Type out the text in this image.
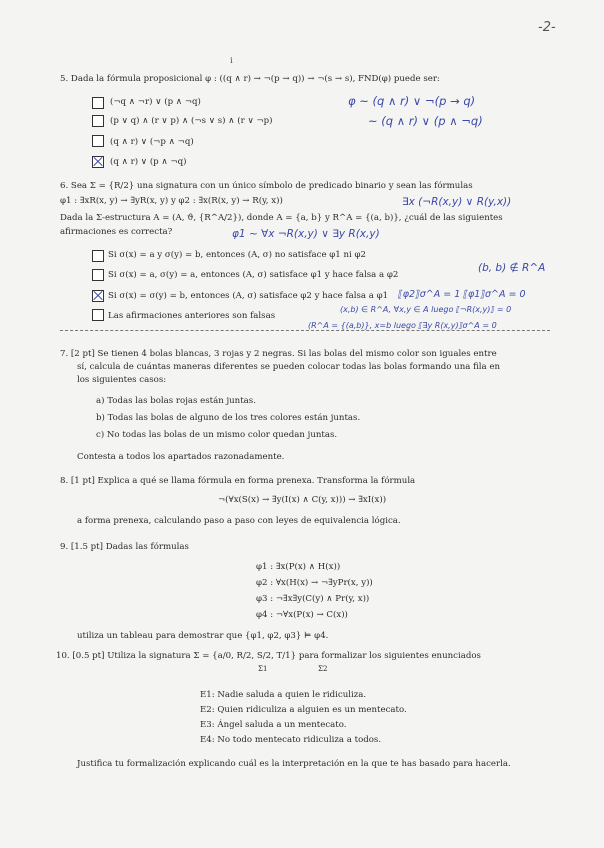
-2-
i
5. Dada la fórmula proposicional φ : ((q ∧ r) → ¬(p → q)) → ¬(s → s), FND(φ) puede ser:
(¬q ∧ ¬r) ∨ (p ∧ ¬q)
(p ∨ q) ∧ (r ∨ p) ∧ (¬s ∨ s) ∧ (r ∨ ¬p)
(q ∧ r) ∨ (¬p ∧ ¬q)
(q ∧ r) ∨ (p ∧ ¬q)
φ ~ (q ∧ r) ∨ ¬(p → q)
~ (q ∧ r) ∨ (p ∧ ¬q)
6. Sea Σ = {R/2} una signatura con un único símbolo de predicado binario y sean las fórmulas
φ1 : ∃xR(x, y) → ∃yR(x, y) y φ2 : ∃x(R(x, y) → R(y, x))
Dada la Σ-estructura A = (A, ϑ, {R^A/2}), donde A = {a, b} y R^A = {(a, b)}, ¿cuál de las siguientes
afirmaciones es correcta?
∃x (¬R(x,y) ∨ R(y,x))
φ1 ~ ∀x ¬R(x,y) ∨ ∃y R(x,y)
Si σ(x) = a y σ(y) = b, entonces (A, σ) no satisface φ1 ni φ2
Si σ(x) = a, σ(y) = a, entonces (A, σ) satisface φ1 y hace falsa a φ2
Si σ(x) = σ(y) = b, entonces (A, σ) satisface φ2 y hace falsa a φ1
Las afirmaciones anteriores son falsas
(b, b) ∉ R^A
⟦φ2⟧σ^A = 1 ⟦φ1⟧σ^A = 0
(x,b) ∈ R^A, ∀x,y ∈ A luego ⟦¬R(x,y)⟧ = 0
(R^A = {(a,b)}, x=b luego ⟦∃y R(x,y)⟧σ^A = 0
7. [2 pt] Se tienen 4 bolas blancas, 3 rojas y 2 negras. Si las bolas del mismo color son iguales entre
sí, calcula de cuántas maneras diferentes se pueden colocar todas las bolas formando una fila en
los siguientes casos:
a) Todas las bolas rojas están juntas.
b) Todas las bolas de alguno de los tres colores están juntas.
c) No todas las bolas de un mismo color quedan juntas.
Contesta a todos los apartados razonadamente.
8. [1 pt] Explica a qué se llama fórmula en forma prenexa. Transforma la fórmula
¬(∀x(S(x) → ∃y(I(x) ∧ C(y, x))) → ∃xI(x))
a forma prenexa, calculando paso a paso con leyes de equivalencia lógica.
9. [1.5 pt] Dadas las fórmulas
φ1 : ∃x(P(x) ∧ H(x))
φ2 : ∀x(H(x) → ¬∃yPr(x, y))
φ3 : ¬∃x∃y(C(y) ∧ Pr(y, x))
φ4 : ¬∀x(P(x) → C(x))
utiliza un tableau para demostrar que {φ1, φ2, φ3} ⊨ φ4.
10. [0.5 pt] Utiliza la signatura Σ = {a/0, R/2, S/2, T/1} para formalizar los siguientes enunciados
Σ1	Σ2
E1: Nadie saluda a quien le ridiculiza.
E2: Quien ridiculiza a alguien es un mentecato.
E3: Ángel saluda a un mentecato.
E4: No todo mentecato ridiculiza a todos.
Justifica tu formalización explicando cuál es la interpretación en la que te has basado para hacerla.
